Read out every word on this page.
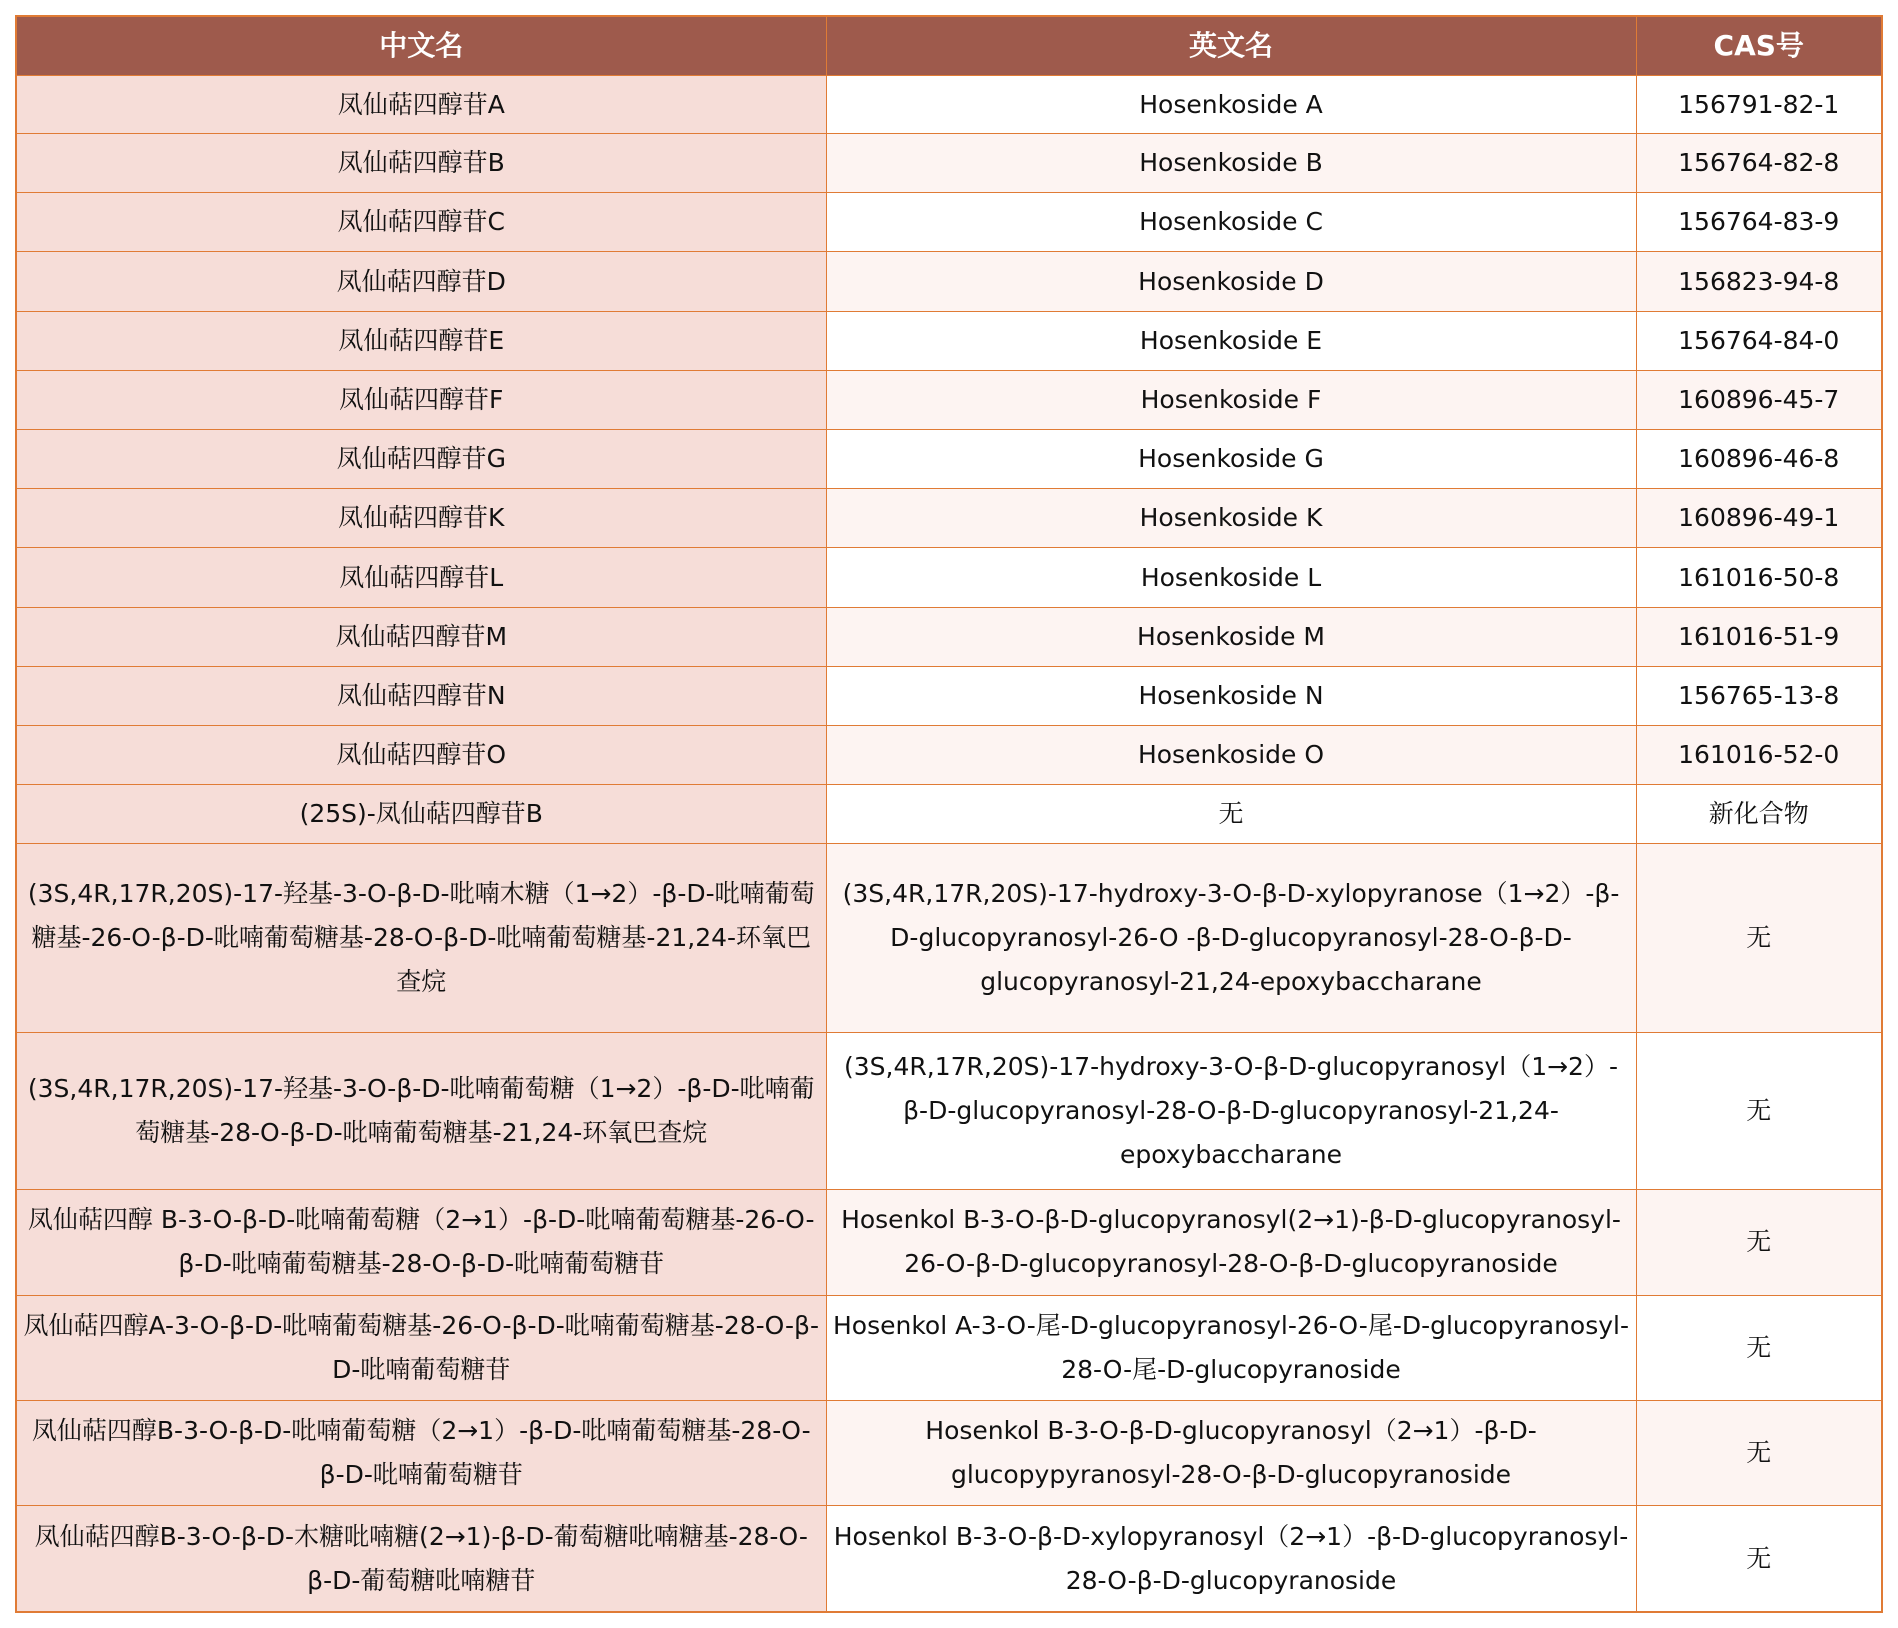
中文名	英文名	CAS号
凤仙萜四醇苷A	Hosenkoside A	156791-82-1
凤仙萜四醇苷B	Hosenkoside B	156764-82-8
凤仙萜四醇苷C	Hosenkoside C	156764-83-9
凤仙萜四醇苷D	Hosenkoside D	156823-94-8
凤仙萜四醇苷E	Hosenkoside E	156764-84-0
凤仙萜四醇苷F	Hosenkoside F	160896-45-7
凤仙萜四醇苷G	Hosenkoside G	160896-46-8
凤仙萜四醇苷K	Hosenkoside K	160896-49-1
凤仙萜四醇苷L	Hosenkoside L	161016-50-8
凤仙萜四醇苷M	Hosenkoside M	161016-51-9
凤仙萜四醇苷N	Hosenkoside N	156765-13-8
凤仙萜四醇苷O	Hosenkoside O	161016-52-0
(25S)-凤仙萜四醇苷B	无	新化合物
(3S,4R,17R,20S)-17-羟基-3-O-β-D-吡喃木糖（1→2）-β-D-吡喃葡萄糖基-26-O-β-D-吡喃葡萄糖基-28-O-β-D-吡喃葡萄糖基-21,24-环氧巴查烷	(3S,4R,17R,20S)-17-hydroxy-3-O-β-D-xylopyranose（1→2）-β-D-glucopyranosyl-26-O -β-D-glucopyranosyl-28-O-β-D-glucopyranosyl-21,24-epoxybaccharane	无
(3S,4R,17R,20S)-17-羟基-3-O-β-D-吡喃葡萄糖（1→2）-β-D-吡喃葡萄糖基-28-O-β-D-吡喃葡萄糖基-21,24-环氧巴查烷	(3S,4R,17R,20S)-17-hydroxy-3-O-β-D-glucopyranosyl（1→2）-β-D-glucopyranosyl-28-O-β-D-glucopyranosyl-21,24-epoxybaccharane	无
凤仙萜四醇 B-3-O-β-D-吡喃葡萄糖（2→1）-β-D-吡喃葡萄糖基-26-O-β-D-吡喃葡萄糖基-28-O-β-D-吡喃葡萄糖苷	Hosenkol B-3-O-β-D-glucopyranosyl(2→1)-β-D-glucopyranosyl-26-O-β-D-glucopyranosyl-28-O-β-D-glucopyranoside	无
凤仙萜四醇A-3-O-β-D-吡喃葡萄糖基-26-O-β-D-吡喃葡萄糖基-28-O-β-D-吡喃葡萄糖苷	Hosenkol A-3-O-尾-D-glucopyranosyl-26-O-尾-D-glucopyranosyl-28-O-尾-D-glucopyranoside	无
凤仙萜四醇B-3-O-β-D-吡喃葡萄糖（2→1）-β-D-吡喃葡萄糖基-28-O-β-D-吡喃葡萄糖苷	Hosenkol B-3-O-β-D-glucopyranosyl（2→1）-β-D-glucopypyranosyl-28-O-β-D-glucopyranoside	无
凤仙萜四醇B-3-O-β-D-木糖吡喃糖(2→1)-β-D-葡萄糖吡喃糖基-28-O-β-D-葡萄糖吡喃糖苷	Hosenkol B-3-O-β-D-xylopyranosyl（2→1）-β-D-glucopyranosyl-28-O-β-D-glucopyranoside	无
